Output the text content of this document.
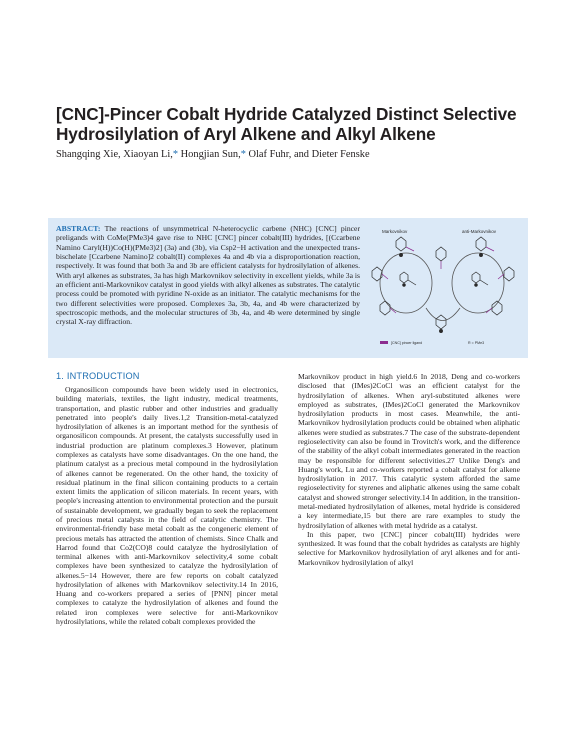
[CNC]-Pincer Cobalt Hydride Catalyzed Distinct Selective Hydrosilylation of Aryl Alkene and Alkyl Alkene
Shangqing Xie, Xiaoyan Li,* Hongjian Sun,* Olaf Fuhr, and Dieter Fenske
ABSTRACT: The reactions of unsymmetrical N-heterocyclic carbene (NHC) [CNC] pincer preligands with CoMe(PMe3)4 gave rise to NHC [CNC] pincer cobalt(III) hydrides, [(Ccarbene Namino Caryl(H))Co(H)(PMe3)2] (3a) and (3b), via Csp2−H activation and the unexpected trans-bischelate [Ccarbene Namino]2 cobalt(II) complexes 4a and 4b via a disproportionation reaction, respectively. It was found that both 3a and 3b are efficient catalysts for hydrosilylation of alkenes. With aryl alkenes as substrates, 3a has high Markovnikov selectivity in excellent yields, while 3a is an efficient anti-Markovnikov catalyst in good yields with alkyl alkenes as substrates. The catalytic process could be promoted with pyridine N-oxide as an initiator. The catalytic mechanisms for the two different selectivities were proposed. Complexes 3a, 3b, 4a, and 4b were characterized by spectroscopic methods, and the molecular structures of 3b, 4a, and 4b were determined by single crystal X-ray diffraction.
Markovnikov	anti-Markovnikov
[CNC] pincer ligand	R = PMe3
1. INTRODUCTION

Organosilicon compounds have been widely used in electronics, building materials, textiles, the light industry, medical treatments, transportation, and plastic rubber and other industries and gradually penetrated into people's daily lives.1,2 Transition-metal-catalyzed hydrosilylation of alkenes is an important method for the synthesis of organosilicon compounds. At present, the catalysts successfully used in industrial production are platinum complexes.3 However, platinum complexes as catalysts have some disadvantages. On the one hand, the platinum catalyst as a precious metal compound in the hydrosilylation of alkenes cannot be regenerated. On the other hand, the toxicity of residual platinum in the final silicon containing products to a certain extent limits the application of silicon materials. In recent years, with people's increasing attention to environmental protection and the pursuit of sustainable development, we gradually began to seek the replacement of precious metal catalysts in the field of catalytic chemistry. The environmental-friendly base metal cobalt as the congeneric element of precious metals has attracted the attention of chemists. Since Chalk and Harrod found that Co2(CO)8 could catalyze the hydrosilylation of terminal alkenes with anti-Markovnikov selectivity,4 some cobalt complexes have been synthesized to catalyze the hydrosilylation of alkenes.5−14 However, there are few reports on cobalt catalyzed hydrosilylation of alkenes with Markovnikov selectivity.14 In 2016, Huang and co-workers prepared a series of [PNN] pincer metal complexes to catalyze the hydrosilylation of alkenes and found the related iron complexes were selective for anti-Markovnikov hydrosilylations, while the related cobalt complexes provided the

Markovnikov product in high yield.6 In 2018, Deng and co-workers disclosed that (IMes)2CoCl was an efficient catalyst for the hydrosilylation of alkenes. When aryl-substituted alkenes were employed as substrates, (IMes)2CoCl generated the Markovnikov hydrosilylation products in most cases. Meanwhile, the anti-Markovnikov hydrosilylation products could be obtained when aliphatic alkenes were studied as substrates.7 The case of the substrate-dependent regioselectivity can also be found in Trovitch's work, and the difference of the stability of the alkyl cobalt intermediates generated in the reaction may be responsible for different selectivities.27 Unlike Deng's and Huang's work, Lu and co-workers reported a cobalt catalyst for alkene hydrosilylation in 2017. This catalytic system afforded the same regioselectivity for styrenes and aliphatic alkenes using the same cobalt catalyst and showed stronger selectivity.14 In addition, in the transition-metal-mediated hydrosilylation of alkenes, metal hydride is considered a key intermediate,15 but there are rare examples to study the hydrosilylation of alkenes with metal hydride as a catalyst.

In this paper, two [CNC] pincer cobalt(III) hydrides were synthesized. It was found that the cobalt hydrides as catalysts are highly selective for Markovnikov hydrosilylation of aryl alkenes and for anti-Markovnikov hydrosilylation of alkyl
